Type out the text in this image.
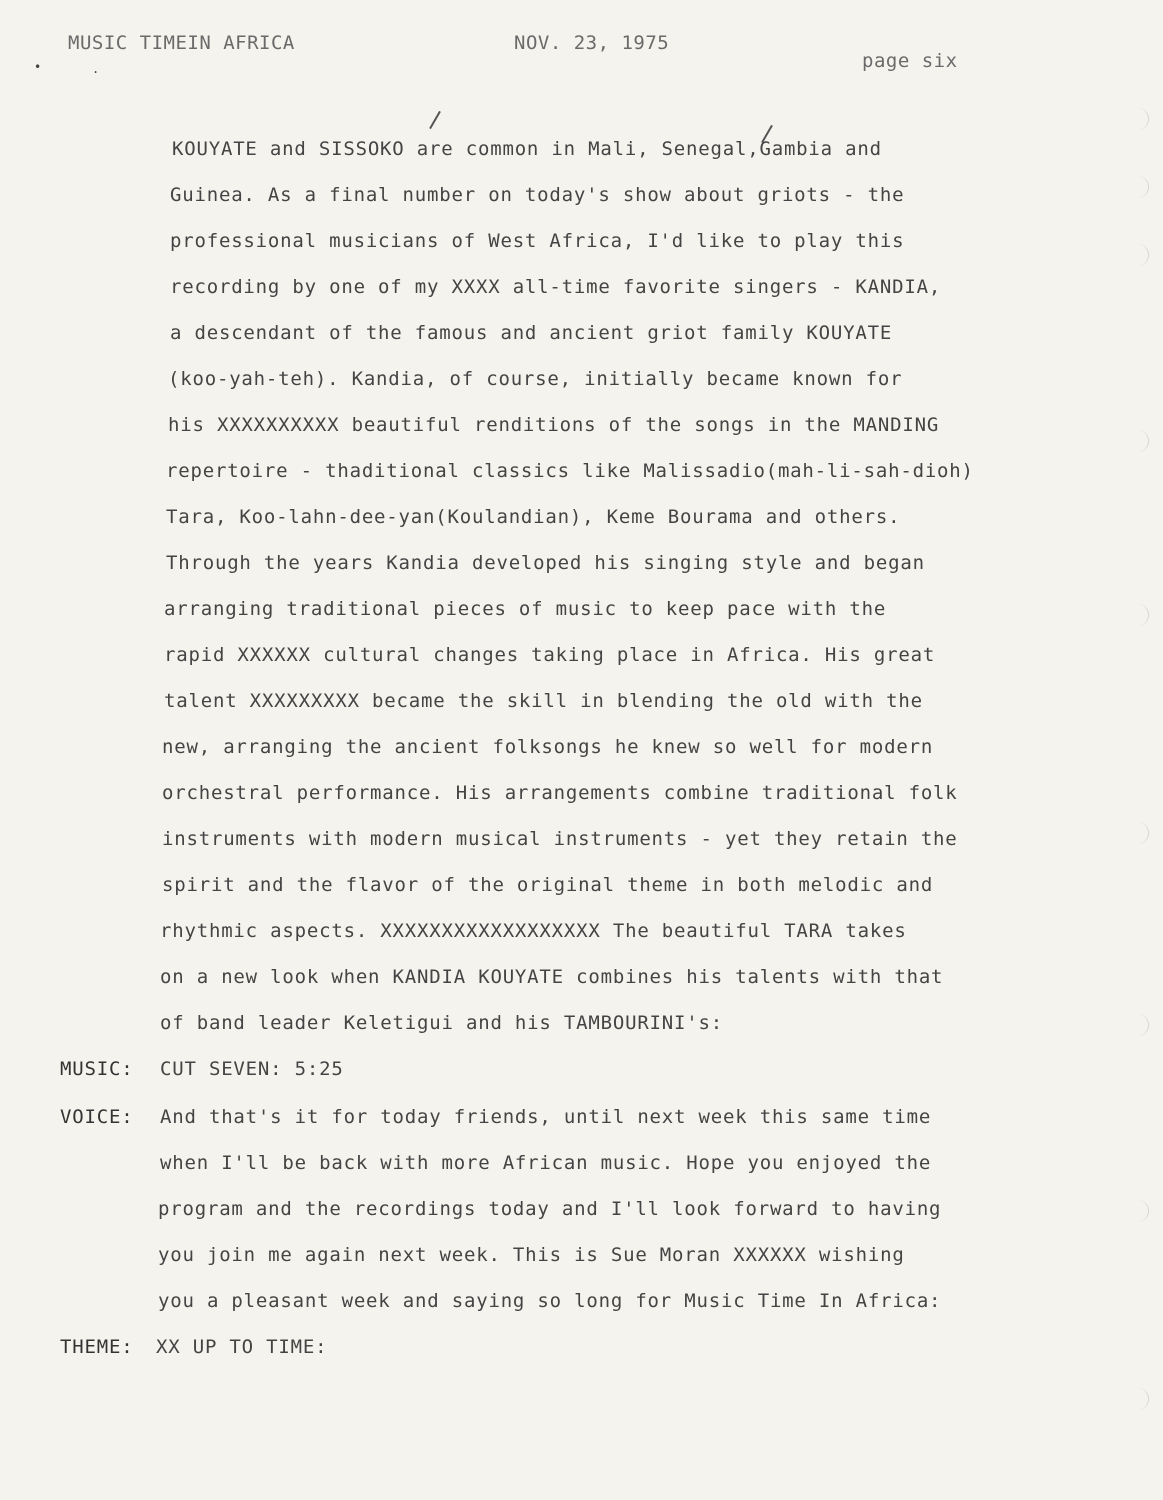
MUSIC TIMEIN AFRICA	NOV. 23, 1975
page six
•	.
KOUYATE and SISSOKO are common in Mali, Senegal,Gambia and
Guinea. As a final number on today's show about griots - the
professional musicians of West Africa, I'd like to play this
recording by one of my XXXX all-time favorite singers - KANDIA,
a descendant of the famous and ancient griot family KOUYATE
(koo-yah-teh). Kandia, of course, initially became known for
his XXXXXXXXXX beautiful renditions of the songs in the MANDING
repertoire - thaditional classics like Malissadio(mah-li-sah-dioh)
Tara, Koo-lahn-dee-yan(Koulandian), Keme Bourama and others.
Through the years Kandia developed his singing style and began
arranging traditional pieces of music to keep pace with the
rapid XXXXXX cultural changes taking place in Africa. His great
talent XXXXXXXXX became the skill in blending the old with the
new, arranging the ancient folksongs he knew so well for modern
orchestral performance. His arrangements combine traditional folk
instruments with modern musical instruments - yet they retain the
spirit and the flavor of the original theme in both melodic and
rhythmic aspects. XXXXXXXXXXXXXXXXXX The beautiful TARA takes
on a new look when KANDIA KOUYATE combines his talents with that
of band leader Keletigui and his TAMBOURINI's:
MUSIC: CUT SEVEN: 5:25
VOICE: And that's it for today friends, until next week this same time
when I'll be back with more African music. Hope you enjoyed the
program and the recordings today and I'll look forward to having
you join me again next week. This is Sue Moran XXXXXX wishing
you a pleasant week and saying so long for Music Time In Africa:
THEME: XX UP TO TIME:
